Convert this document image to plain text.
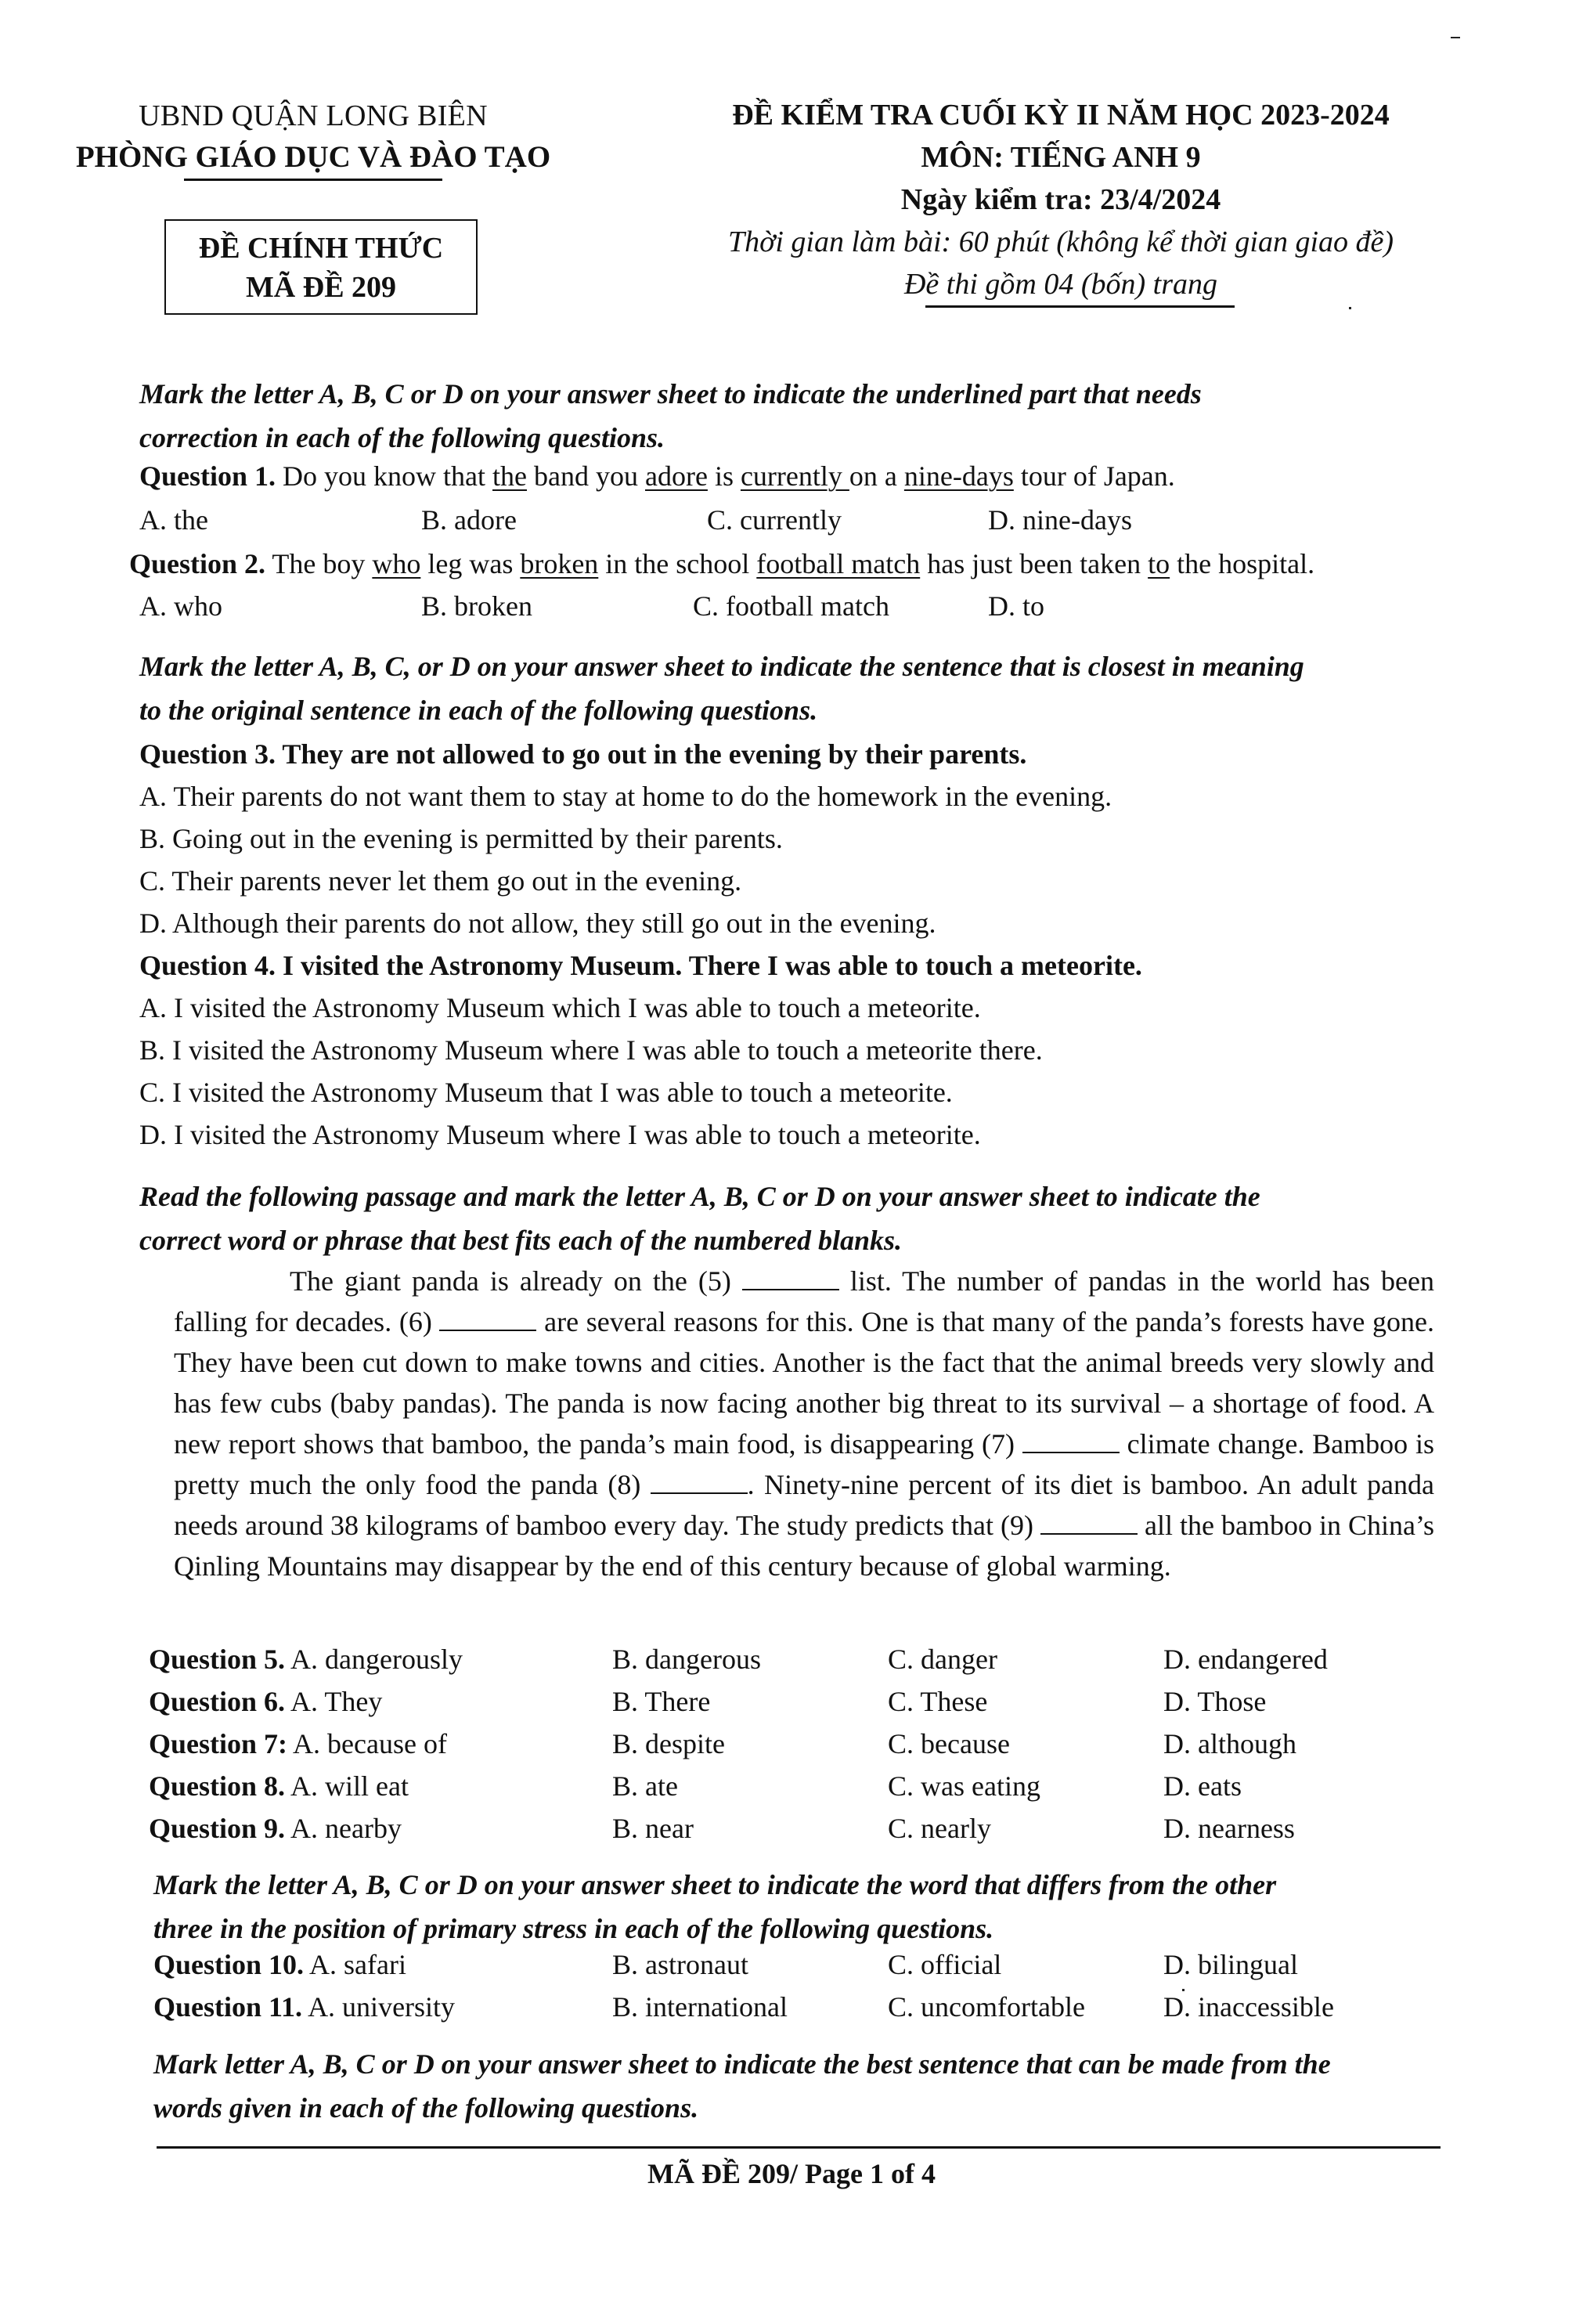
UBND QUẬN LONG BIÊN
PHÒNG GIÁO DỤC VÀ ĐÀO TẠO
ĐỀ CHÍNH THỨC
MÃ ĐỀ 209
ĐỀ KIỂM TRA CUỐI KỲ II NĂM HỌC 2023-2024
MÔN: TIẾNG ANH 9
Ngày kiểm tra: 23/4/2024
Thời gian làm bài: 60 phút (không kể thời gian giao đề)
Đề thi gồm 04 (bốn) trang
Mark the letter A, B, C or D on your answer sheet to indicate the underlined part that needs
correction in each of the following questions.
Question 1. Do you know that the band you adore is currently on a nine-days tour of Japan.
A. the	B. adore	C. currently	D. nine-days
Question 2. The boy who leg was broken in the school football match has just been taken to the hospital.
A. who	B. broken	C. football match	D. to
Mark the letter A, B, C, or D on your answer sheet to indicate the sentence that is closest in meaning
to the original sentence in each of the following questions.
Question 3. They are not allowed to go out in the evening by their parents.
A. Their parents do not want them to stay at home to do the homework in the evening.
B. Going out in the evening is permitted by their parents.
C. Their parents never let them go out in the evening.
D. Although their parents do not allow, they still go out in the evening.
Question 4. I visited the Astronomy Museum. There I was able to touch a meteorite.
A. I visited the Astronomy Museum which I was able to touch a meteorite.
B. I visited the Astronomy Museum where I was able to touch a meteorite there.
C. I visited the Astronomy Museum that I was able to touch a meteorite.
D. I visited the Astronomy Museum where I was able to touch a meteorite.
Read the following passage and mark the letter A, B, C or D on your answer sheet to indicate the
correct word or phrase that best fits each of the numbered blanks.
The giant panda is already on the (5)	list. The number of pandas in the world has been falling for decades. (6)	are several reasons for this. One is that many of the panda’s forests have gone. They have been cut down to make towns and cities. Another is the fact that the animal breeds very slowly and has few cubs (baby pandas). The panda is now facing another big threat to its survival – a shortage of food. A new report shows that bamboo, the panda’s main food, is disappearing (7)	climate change. Bamboo is pretty much the only food the panda (8)	. Ninety-nine percent of its diet is bamboo. An adult panda needs around 38 kilograms of bamboo every day. The study predicts that (9)	all the bamboo in China’s Qinling Mountains may disappear by the end of this century because of global warming.
Question 5. A. dangerously	B. dangerous	C. danger	D. endangered
Question 6. A. They	B. There	C. These	D. Those
Question 7: A. because of	B. despite	C. because	D. although
Question 8. A. will eat	B. ate	C. was eating	D. eats
Question 9. A. nearby	B. near	C. nearly	D. nearness
Mark the letter A, B, C or D on your answer sheet to indicate the word that differs from the other
three in the position of primary stress in each of the following questions.
Question 10. A. safari	B. astronaut	C. official	D. bilingual
Question 11. A. university	B. international	C. uncomfortable	D. inaccessible
Mark letter A, B, C or D on your answer sheet to indicate the best sentence that can be made from the
words given in each of the following questions.
MÃ ĐỀ 209/ Page 1 of 4
